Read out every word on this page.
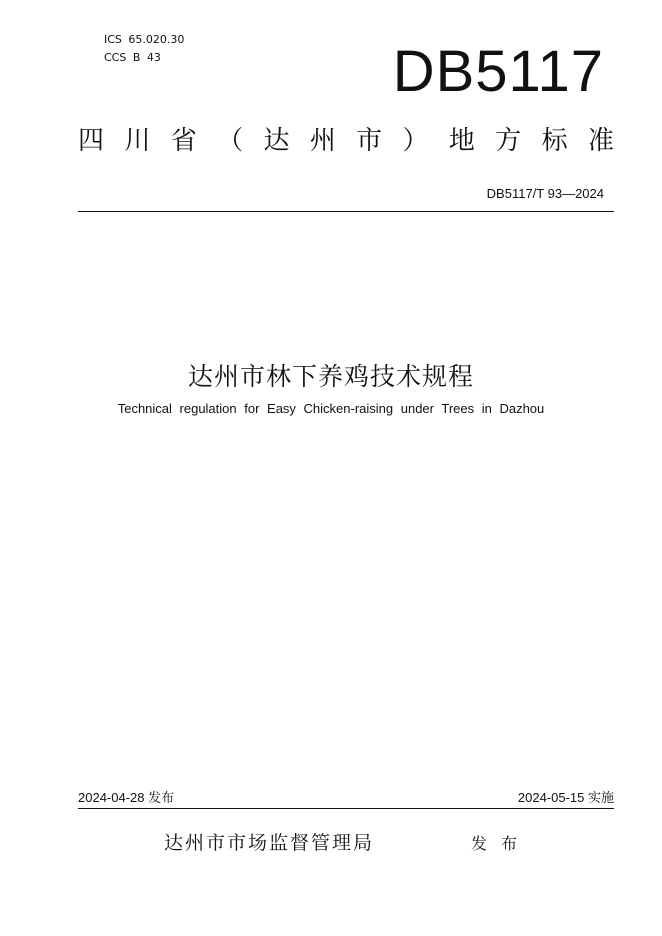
ICS 65.020.30
CCS B 43	DB5117
四 川 省 （ 达 州 市 ） 地 方 标 准
DB5117/T 93—2024
达州市林下养鸡技术规程
Technical regulation for Easy Chicken-raising under Trees in Dazhou
2024-04-28 发布	2024-05-15 实施
达州市市场监督管理局	发布
